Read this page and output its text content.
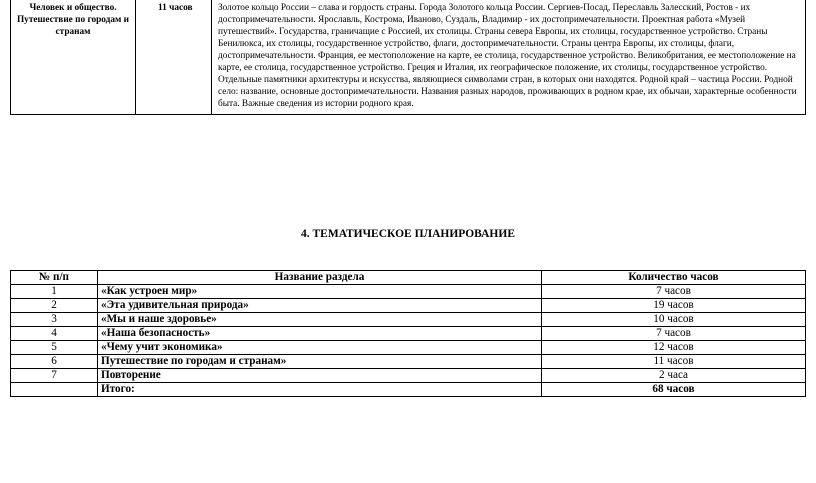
Человек и общество. Путешествие по городам и странам	11 часов	Золотое кольцо России – слава и гордость страны. Города Золотого кольца Росcии. Сергиев-Посад, Переславль Залесский, Ростов - их достопримечательности. Ярославль, Кострома, Иваново, Суздаль, Владимир - их достопримечательности. Проектная работа «Музей путешествий». Государства, граничащие с Россией, их столицы. Страны севера Европы, их столицы, государственное устройство. Страны Бенилюкса, их столицы, государственное устройство, флаги, достопримечательности. Страны центра Европы, их столицы, флаги, достопримечательности. Франция, ее местоположение на карте, ее столица, государственное устройство. Великобритания, ее местоположение на карте, ее столица, государственное устройство. Греция и Италия, их географическое положение, их столицы, государственное устройство. Отдельные памятники архитектуры и искусства, являющиеся символами стран, в которых они находятся. Родной край – частица России. Родной село: название, основные достопримечательности. Названия разных народов, проживающих в родном крае, их обычаи, характерные особенности быта. Важные сведения из истории родного края.
4. ТЕМАТИЧЕСКОЕ ПЛАНИРОВАНИЕ
№ п/п	Название раздела	Количество часов
1	«Как устроен мир»	7 часов
2	«Эта удивительная природа»	19 часов
3	«Мы и наше здоровье»	10 часов
4	«Наша безопасность»	7 часов
5	«Чему учит экономика»	12 часов
6	Путешествие по городам и странам»	11 часов
7	Повторение	2 часа
	Итого:	68 часов
